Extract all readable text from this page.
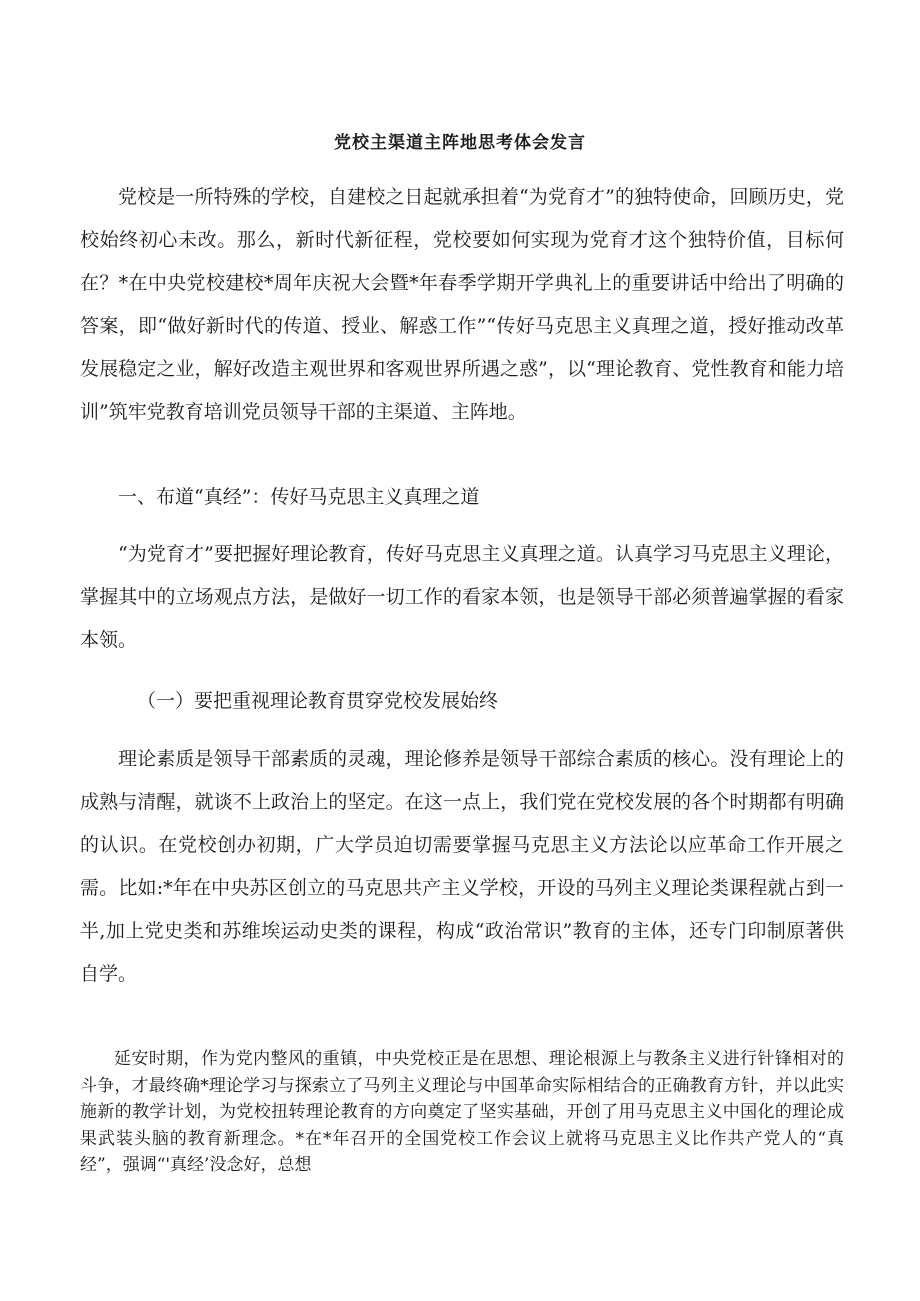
党校主渠道主阵地思考体会发言

党校是一所特殊的学校，自建校之日起就承担着“为党育才”的独特使命，回顾历史，党校始终初心未改。那么，新时代新征程，党校要如何实现为党育才这个独特价值，目标何在？*在中央党校建校*周年庆祝大会暨*年春季学期开学典礼上的重要讲话中给出了明确的答案，即“做好新时代的传道、授业、解惑工作”“传好马克思主义真理之道，授好推动改革发展稳定之业，解好改造主观世界和客观世界所遇之惑”，以“理论教育、党性教育和能力培训”筑牢党教育培训党员领导干部的主渠道、主阵地。

一、布道“真经”：传好马克思主义真理之道

“为党育才”要把握好理论教育，传好马克思主义真理之道。认真学习马克思主义理论，掌握其中的立场观点方法，是做好一切工作的看家本领，也是领导干部必须普遍掌握的看家本领。

（一）要把重视理论教育贯穿党校发展始终

理论素质是领导干部素质的灵魂，理论修养是领导干部综合素质的核心。没有理论上的成熟与清醒，就谈不上政治上的坚定。在这一点上，我们党在党校发展的各个时期都有明确的认识。在党校创办初期，广大学员迫切需要掌握马克思主义方法论以应革命工作开展之需。比如:*年在中央苏区创立的马克思共产主义学校，开设的马列主义理论类课程就占到一半,加上党史类和苏维埃运动史类的课程，构成“政治常识”教育的主体，还专门印制原著供自学。

延安时期，作为党内整风的重镇，中央党校正是在思想、理论根源上与教条主义进行针锋相对的斗争，才最终确*理论学习与探索立了马列主义理论与中国革命实际相结合的正确教育方针，并以此实施新的教学计划，为党校扭转理论教育的方向奠定了坚实基础，开创了用马克思主义中国化的理论成果武装头脑的教育新理念。*在*年召开的全国党校工作会议上就将马克思主义比作共产党人的“真经”，强调“'真经’没念好，总想
